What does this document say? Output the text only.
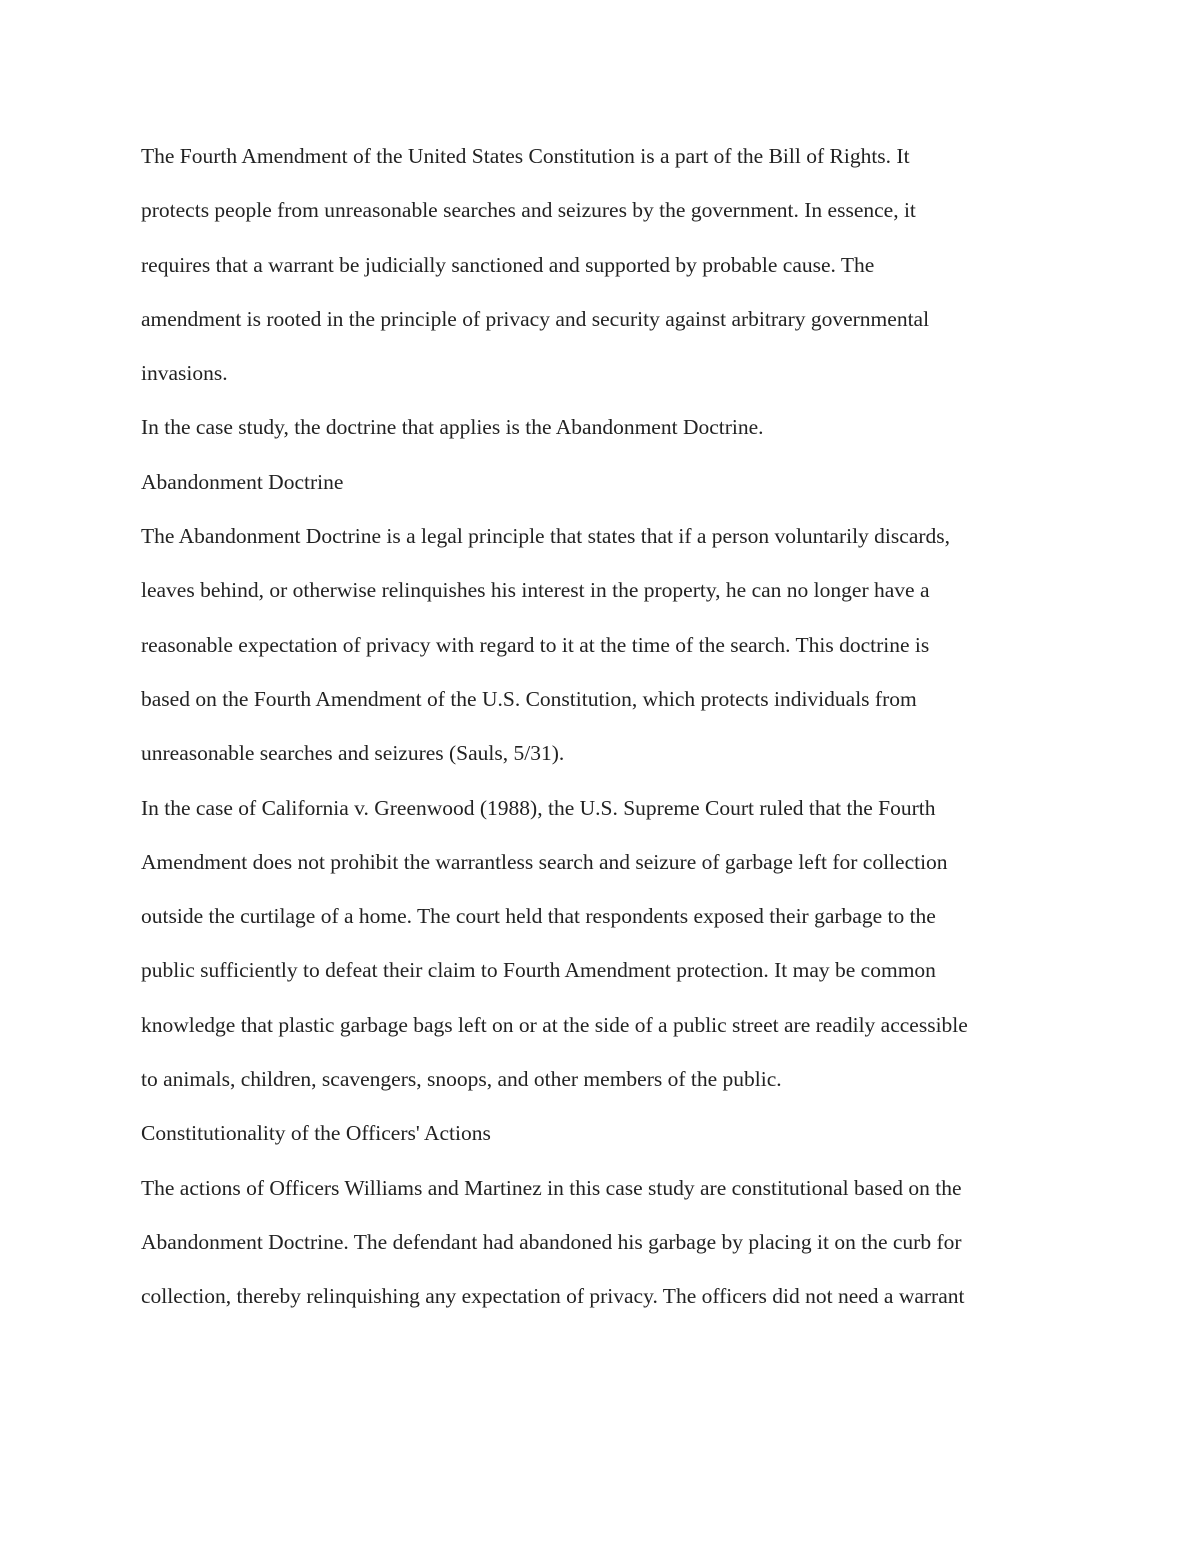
The Fourth Amendment of the United States Constitution is a part of the Bill of Rights. It

protects people from unreasonable searches and seizures by the government. In essence, it

requires that a warrant be judicially sanctioned and supported by probable cause. The

amendment is rooted in the principle of privacy and security against arbitrary governmental

invasions.

In the case study, the doctrine that applies is the Abandonment Doctrine.

Abandonment Doctrine

The Abandonment Doctrine is a legal principle that states that if a person voluntarily discards,

leaves behind, or otherwise relinquishes his interest in the property, he can no longer have a

reasonable expectation of privacy with regard to it at the time of the search. This doctrine is

based on the Fourth Amendment of the U.S. Constitution, which protects individuals from

unreasonable searches and seizures (Sauls, 5/31).

In the case of California v. Greenwood (1988), the U.S. Supreme Court ruled that the Fourth

Amendment does not prohibit the warrantless search and seizure of garbage left for collection

outside the curtilage of a home. The court held that respondents exposed their garbage to the

public sufficiently to defeat their claim to Fourth Amendment protection. It may be common

knowledge that plastic garbage bags left on or at the side of a public street are readily accessible

to animals, children, scavengers, snoops, and other members of the public.

Constitutionality of the Officers' Actions

The actions of Officers Williams and Martinez in this case study are constitutional based on the

Abandonment Doctrine. The defendant had abandoned his garbage by placing it on the curb for

collection, thereby relinquishing any expectation of privacy. The officers did not need a warrant
